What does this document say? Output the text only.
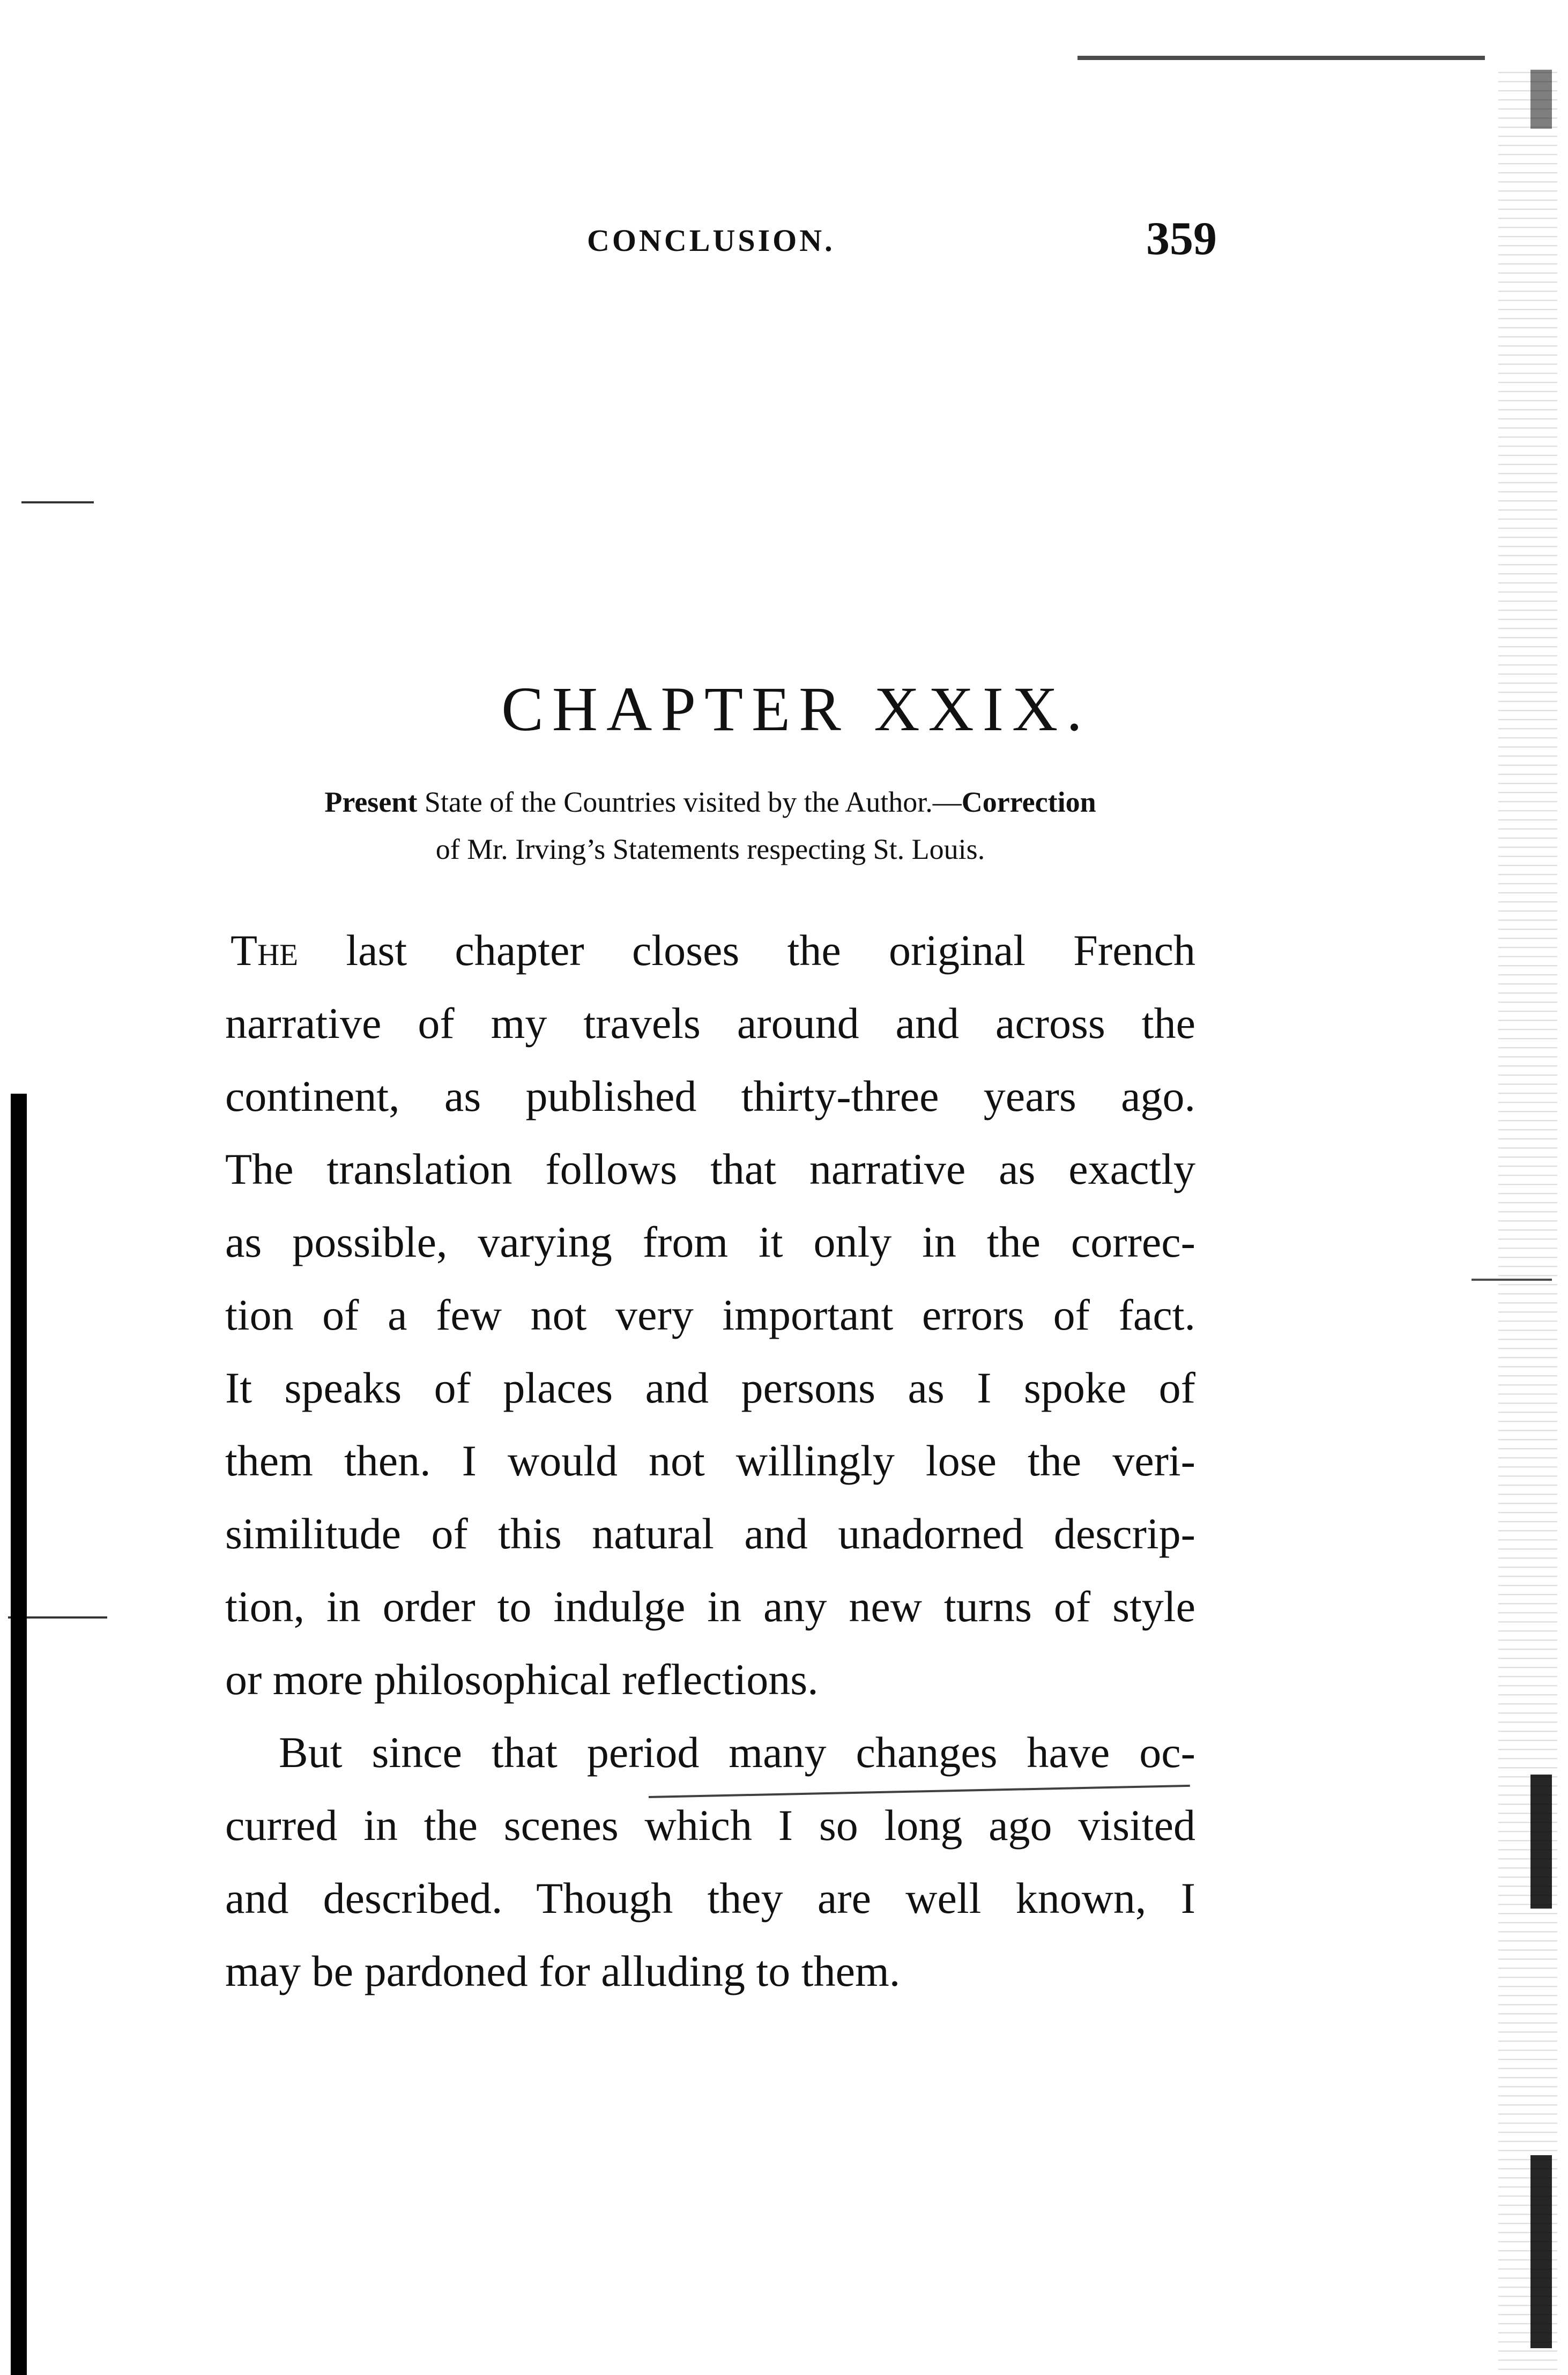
CONCLUSION.	359
CHAPTER XXIX.
Present State of the Countries visited by the Author.—Correction
of Mr. Irving’s Statements respecting St. Louis.
The last chapter closes the original French
narrative of my travels around and across the
continent, as published thirty-three years ago.
The translation follows that narrative as exactly
as possible, varying from it only in the correc-
tion of a few not very important errors of fact.
It speaks of places and persons as I spoke of
them then. I would not willingly lose the veri-
similitude of this natural and unadorned descrip-
tion, in order to indulge in any new turns of style
or more philosophical reflections.
But since that period many changes have oc-
curred in the scenes which I so long ago visited
and described. Though they are well known, I
may be pardoned for alluding to them.
